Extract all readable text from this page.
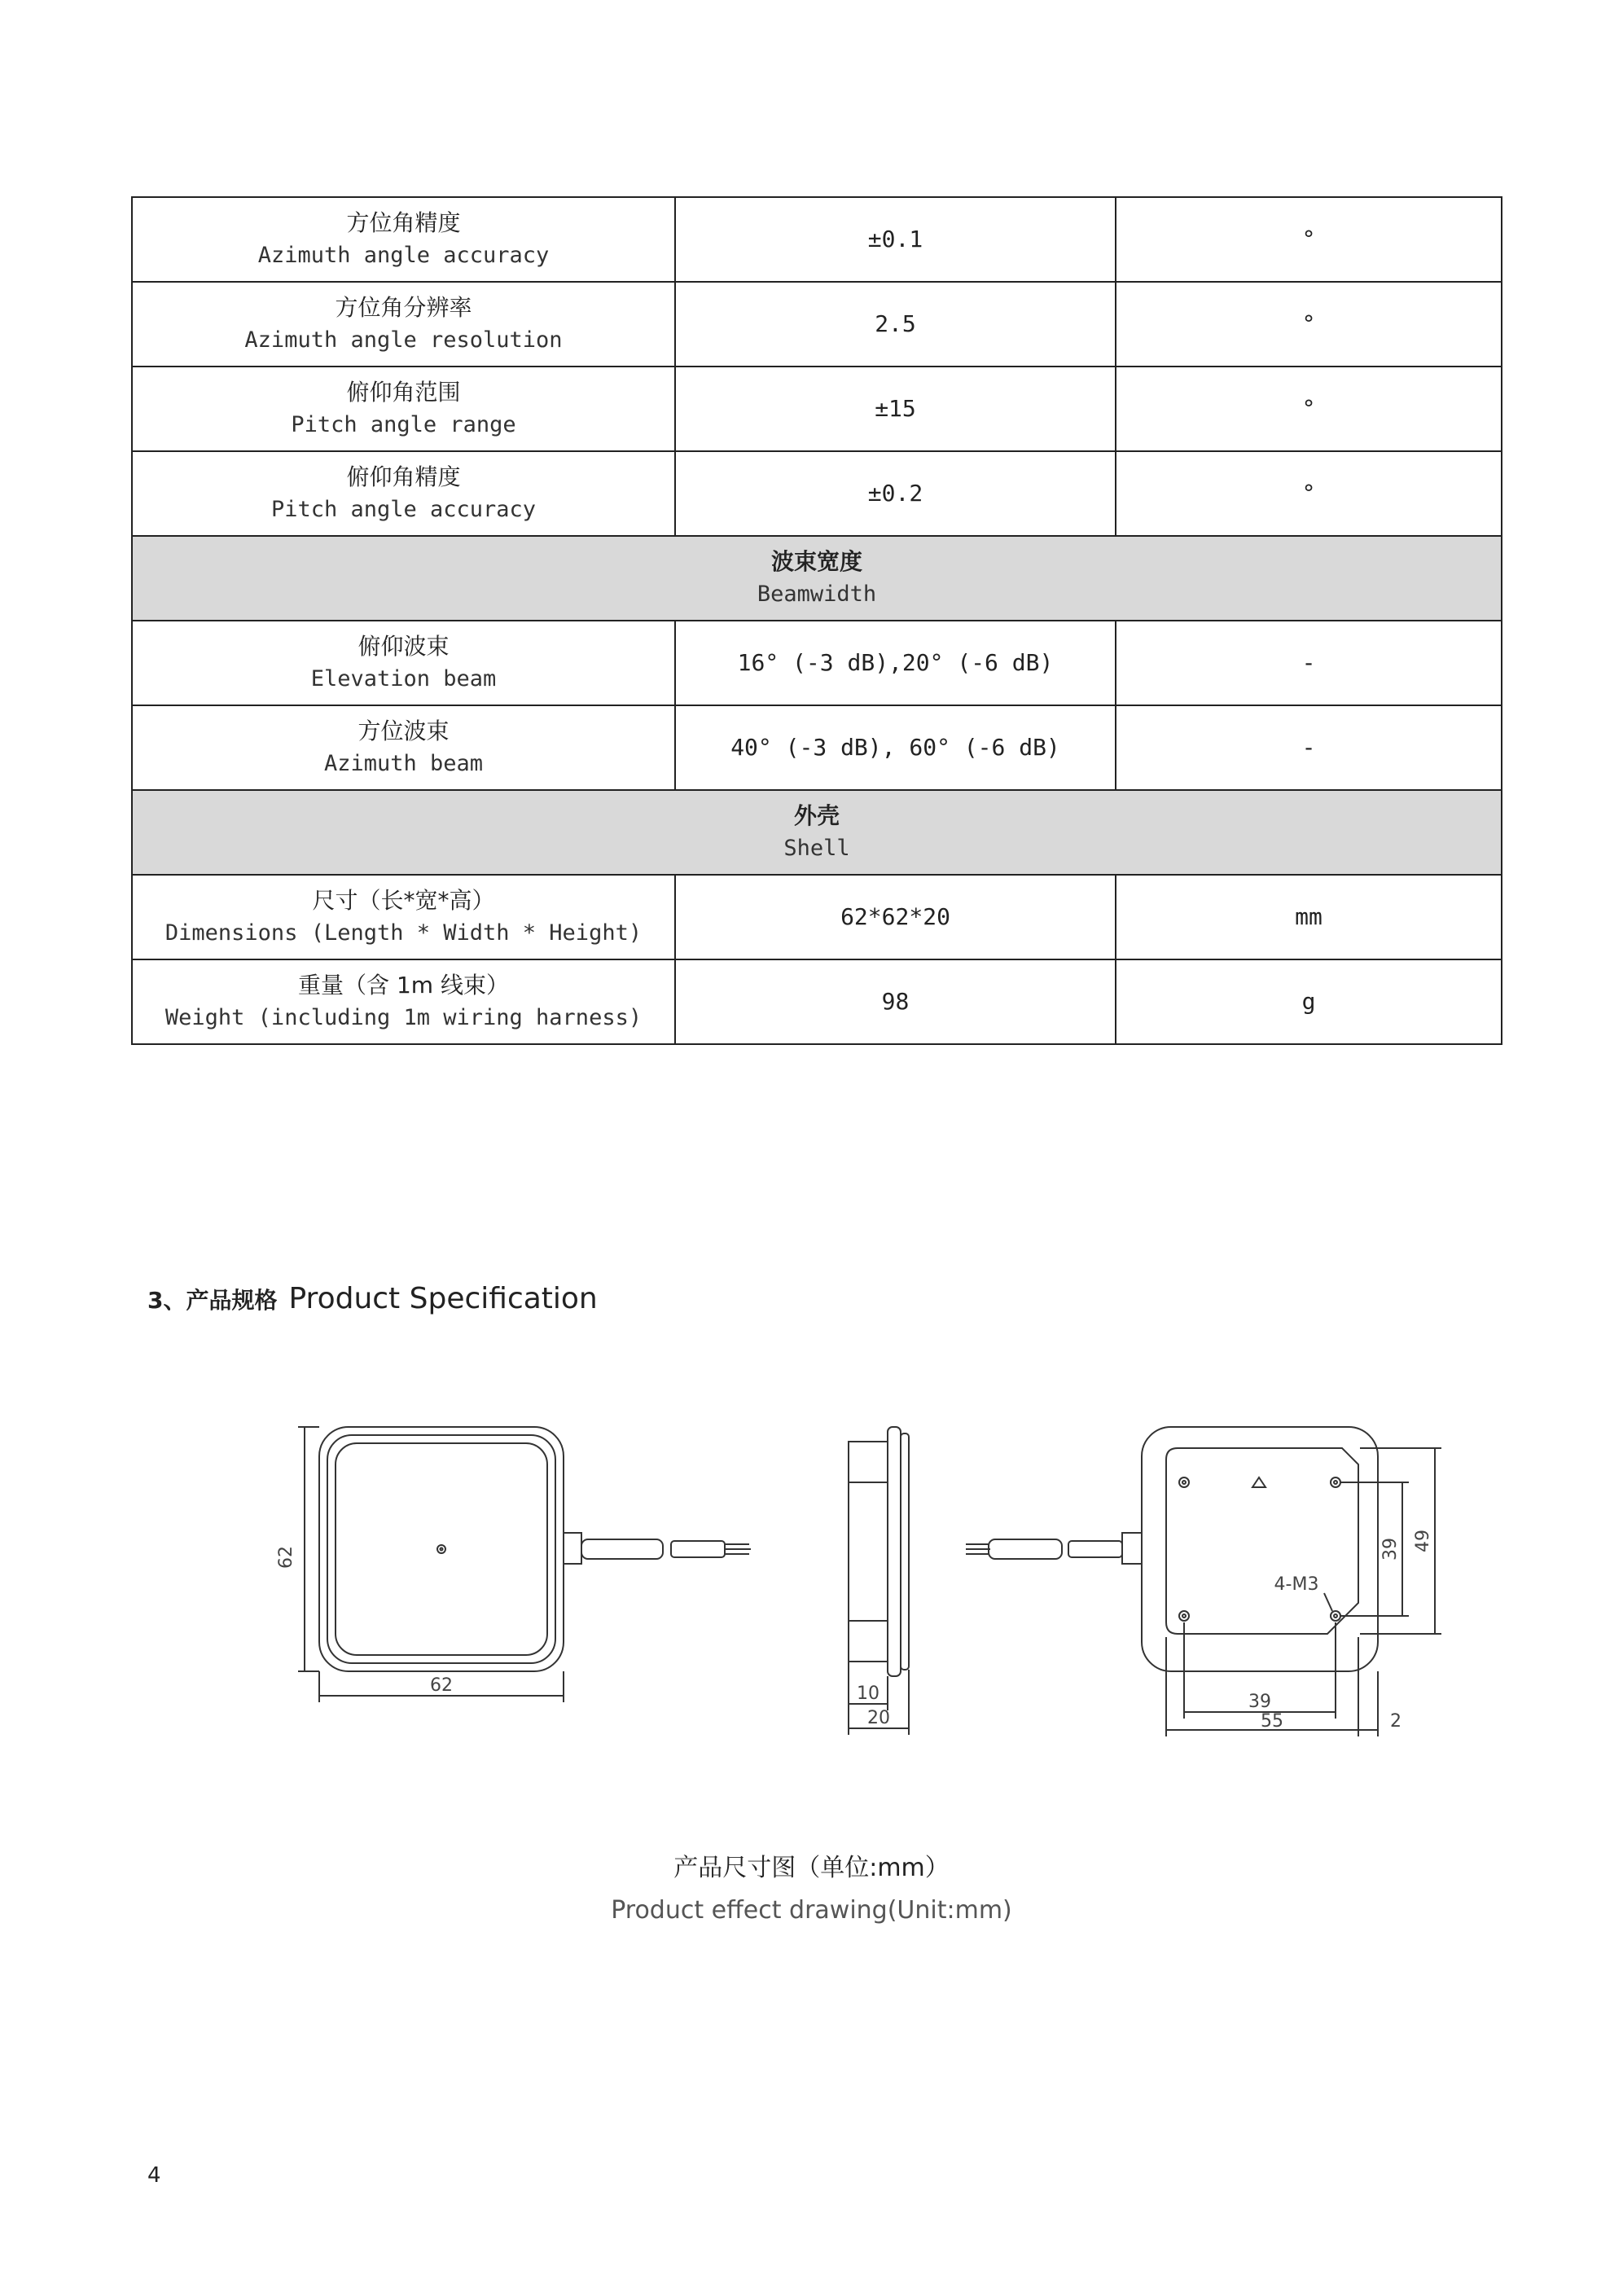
方位角精度
Azimuth angle accuracy	±0.1	°

方位角分辨率
Azimuth angle resolution	2.5	°

俯仰角范围
Pitch angle range	±15	°

俯仰角精度
Pitch angle accuracy	±0.2	°

波束宽度
Beamwidth		

俯仰波束
Elevation beam	16° (-3 dB),20° (-6 dB)	-

方位波束
Azimuth beam	40° (-3 dB), 60° (-6 dB)	-

外壳
Shell		

尺寸（长*宽*高）
Dimensions (Length * Width * Height)	62*62*20	mm

重量（含 1m 线束）
Weight (including 1m wiring harness)	98	g
3、产品规格 Product Specification
62
62	10
20
39 49
4-M3
39
55	2
产品尺寸图（单位:mm）
Product effect drawing(Unit:mm)
4
